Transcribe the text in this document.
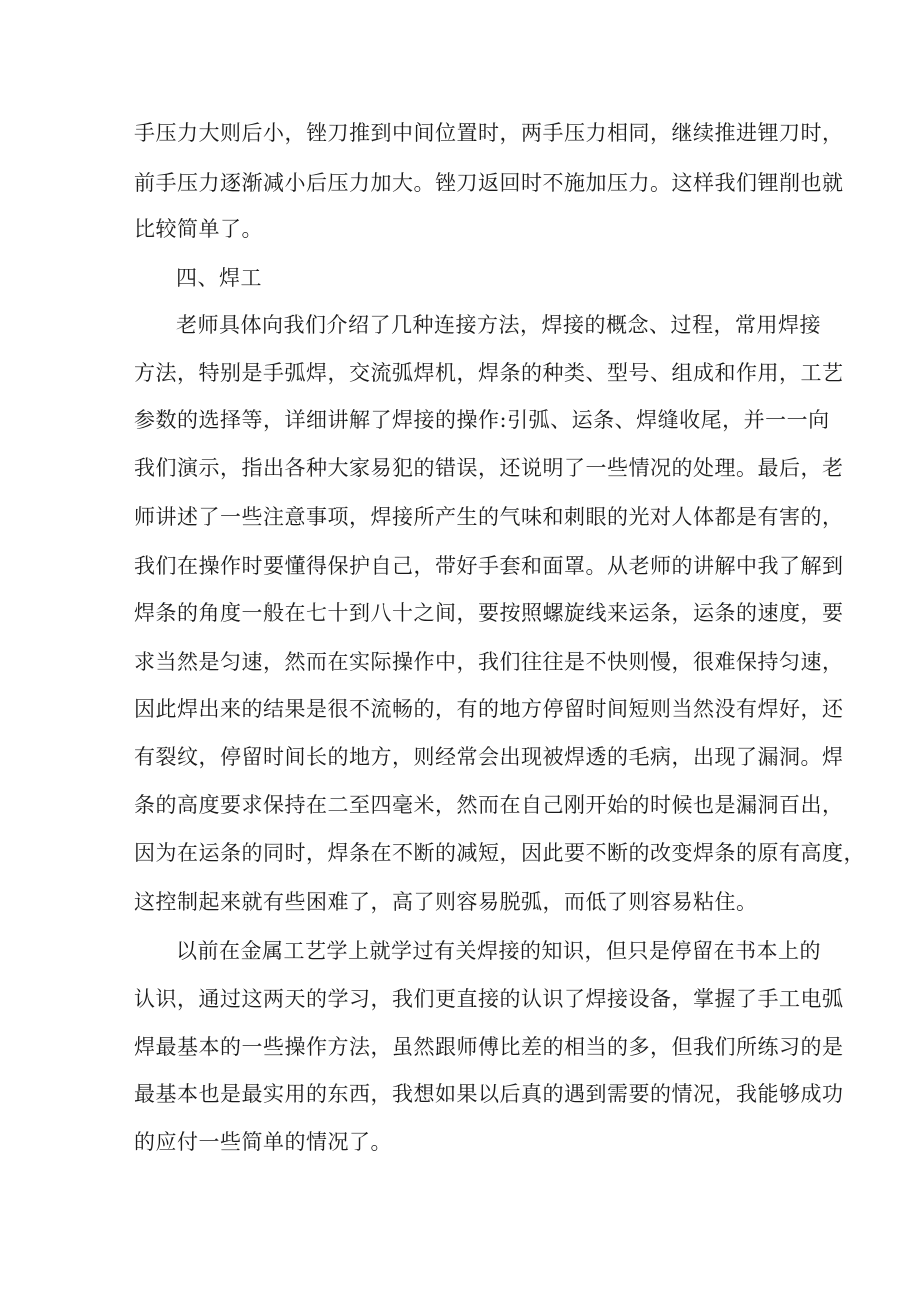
手压力大则后小，锉刀推到中间位置时，两手压力相同，继续推进锂刀时，
前手压力逐渐减小后压力加大。锉刀返回时不施加压力。这样我们锂削也就
比较简单了。
四、焊工
老师具体向我们介绍了几种连接方法，焊接的概念、过程，常用焊接
方法，特别是手弧焊，交流弧焊机，焊条的种类、型号、组成和作用，工艺
参数的选择等，详细讲解了焊接的操作:引弧、运条、焊缝收尾，并一一向
我们演示，指出各种大家易犯的错误，还说明了一些情况的处理。最后，老
师讲述了一些注意事项，焊接所产生的气味和刺眼的光对人体都是有害的，
我们在操作时要懂得保护自己，带好手套和面罩。从老师的讲解中我了解到
焊条的角度一般在七十到八十之间，要按照螺旋线来运条，运条的速度，要
求当然是匀速，然而在实际操作中，我们往往是不快则慢，很难保持匀速，
因此焊出来的结果是很不流畅的，有的地方停留时间短则当然没有焊好，还
有裂纹，停留时间长的地方，则经常会出现被焊透的毛病，出现了漏洞。焊
条的高度要求保持在二至四毫米，然而在自己刚开始的时候也是漏洞百出，
因为在运条的同时，焊条在不断的减短，因此要不断的改变焊条的原有高度，
这控制起来就有些困难了，高了则容易脱弧，而低了则容易粘住。
以前在金属工艺学上就学过有关焊接的知识，但只是停留在书本上的
认识，通过这两天的学习，我们更直接的认识了焊接设备，掌握了手工电弧
焊最基本的一些操作方法，虽然跟师傅比差的相当的多，但我们所练习的是
最基本也是最实用的东西，我想如果以后真的遇到需要的情况，我能够成功
的应付一些简单的情况了。
